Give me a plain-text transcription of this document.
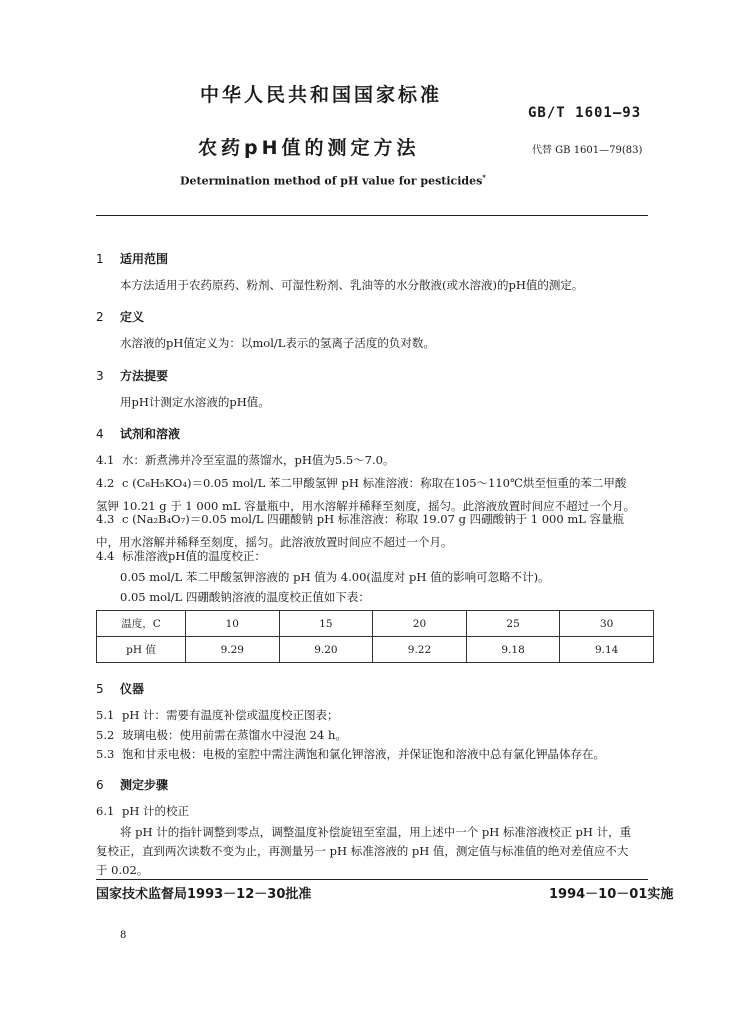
中华人民共和国国家标准
GB/T 1601—93
农药pH值的测定方法	代替 GB 1601—79(83)
Determination method of pH value for pesticides*
1 适用范围
本方法适用于农药原药、粉剂、可湿性粉剂、乳油等的水分散液(或水溶液)的pH值的测定。
2 定义
水溶液的pH值定义为：以mol/L表示的氢离子活度的负对数。
3 方法提要
用pH计测定水溶液的pH值。
4 试剂和溶液
4.1 水：新煮沸并冷至室温的蒸馏水，pH值为5.5～7.0。
4.2 c (C₈H₅KO₄)＝0.05 mol/L 苯二甲酸氢钾 pH 标准溶液：称取在105～110℃烘至恒重的苯二甲酸
氢钾 10.21 g 于 1 000 mL 容量瓶中，用水溶解并稀释至刻度，摇匀。此溶液放置时间应不超过一个月。
4.3 c (Na₂B₄O₇)＝0.05 mol/L 四硼酸钠 pH 标准溶液：称取 19.07 g 四硼酸钠于 1 000 mL 容量瓶
中，用水溶解并稀释至刻度，摇匀。此溶液放置时间应不超过一个月。
4.4 标准溶液pH值的温度校正：
0.05 mol/L 苯二甲酸氢钾溶液的 pH 值为 4.00(温度对 pH 值的影响可忽略不计)。
0.05 mol/L 四硼酸钠溶液的温度校正值如下表：
温度，C	10	15	20	25	30
pH 值	9.29	9.20	9.22	9.18	9.14
5 仪器
5.1 pH 计：需要有温度补偿或温度校正图表；
5.2 玻璃电极：使用前需在蒸馏水中浸泡 24 h。
5.3 饱和甘汞电极：电极的室腔中需注满饱和氯化钾溶液，并保证饱和溶液中总有氯化钾晶体存在。
6 测定步骤
6.1 pH 计的校正
将 pH 计的指针调整到零点，调整温度补偿旋钮至室温，用上述中一个 pH 标准溶液校正 pH 计，重
复校正，直到两次读数不变为止，再测量另一 pH 标准溶液的 pH 值，测定值与标准值的绝对差值应不大
于 0.02。
国家技术监督局1993－12－30批准	1994－10－01实施
8
